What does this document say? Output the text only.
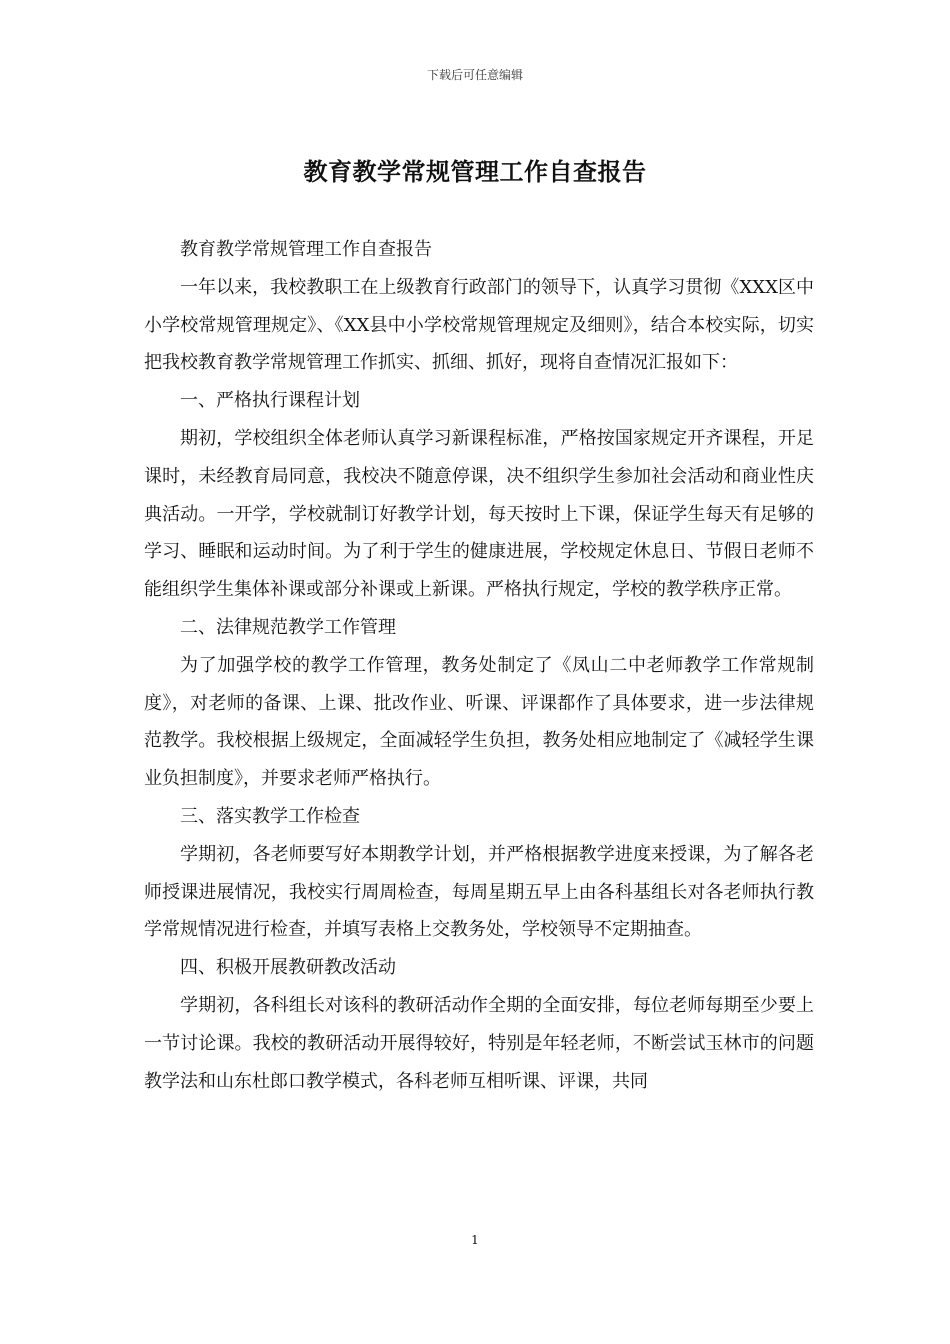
下载后可任意编辑
教育教学常规管理工作自查报告

教育教学常规管理工作自查报告

一年以来，我校教职工在上级教育行政部门的领导下，认真学习贯彻《XXX区中小学校常规管理规定》、《XX县中小学校常规管理规定及细则》，结合本校实际，切实把我校教育教学常规管理工作抓实、抓细、抓好，现将自查情况汇报如下：

一、严格执行课程计划

期初，学校组织全体老师认真学习新课程标准，严格按国家规定开齐课程，开足课时，未经教育局同意，我校决不随意停课，决不组织学生参加社会活动和商业性庆典活动。一开学，学校就制订好教学计划，每天按时上下课，保证学生每天有足够的学习、睡眠和运动时间。为了利于学生的健康进展，学校规定休息日、节假日老师不能组织学生集体补课或部分补课或上新课。严格执行规定，学校的教学秩序正常。

二、法律规范教学工作管理

为了加强学校的教学工作管理，教务处制定了《凤山二中老师教学工作常规制度》，对老师的备课、上课、批改作业、听课、评课都作了具体要求，进一步法律规范教学。我校根据上级规定，全面减轻学生负担，教务处相应地制定了《减轻学生课业负担制度》，并要求老师严格执行。

三、落实教学工作检查

学期初，各老师要写好本期教学计划，并严格根据教学进度来授课，为了解各老师授课进展情况，我校实行周周检查，每周星期五早上由各科基组长对各老师执行教学常规情况进行检查，并填写表格上交教务处，学校领导不定期抽查。

四、积极开展教研教改活动

学期初，各科组长对该科的教研活动作全期的全面安排，每位老师每期至少要上一节讨论课。我校的教研活动开展得较好，特别是年轻老师，不断尝试玉林市的问题教学法和山东杜郎口教学模式，各科老师互相听课、评课，共同

1
